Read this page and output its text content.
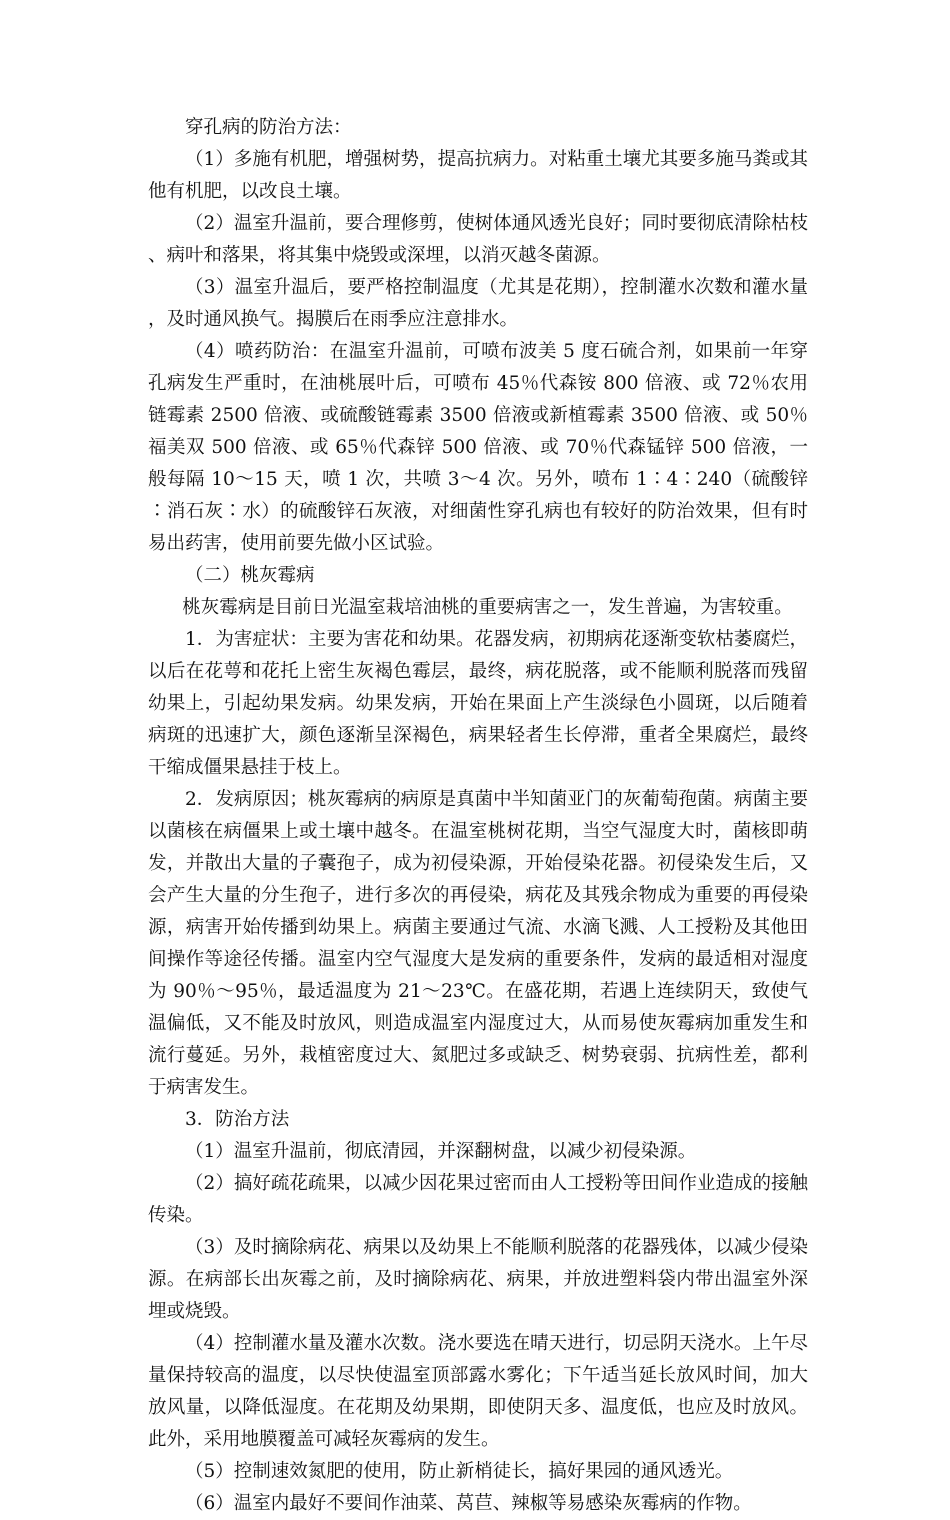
穿孔病的防治方法：

（1）多施有机肥，增强树势，提高抗病力。对粘重土壤尤其要多施马粪或其他有机肥，以改良土壤。

（2）温室升温前，要合理修剪，使树体通风透光良好；同时要彻底清除枯枝、病叶和落果，将其集中烧毁或深埋，以消灭越冬菌源。

（3）温室升温后，要严格控制温度（尤其是花期），控制灌水次数和灌水量，及时通风换气。揭膜后在雨季应注意排水。

（4）喷药防治：在温室升温前，可喷布波美 5 度石硫合剂，如果前一年穿孔病发生严重时，在油桃展叶后，可喷布 45％代森铵 800 倍液、或 72％农用链霉素 2500 倍液、或硫酸链霉素 3500 倍液或新植霉素 3500 倍液、或 50％福美双 500 倍液、或 65％代森锌 500 倍液、或 70％代森锰锌 500 倍液，一般每隔 10～15 天，喷 1 次，共喷 3～4 次。另外，喷布 1∶4∶240（硫酸锌∶消石灰∶水）的硫酸锌石灰液，对细菌性穿孔病也有较好的防治效果，但有时易出药害，使用前要先做小区试验。

（二）桃灰霉病

桃灰霉病是目前日光温室栽培油桃的重要病害之一，发生普遍，为害较重。

1．为害症状：主要为害花和幼果。花器发病，初期病花逐渐变软枯萎腐烂，以后在花萼和花托上密生灰褐色霉层，最终，病花脱落，或不能顺利脱落而残留幼果上，引起幼果发病。幼果发病，开始在果面上产生淡绿色小圆斑，以后随着病斑的迅速扩大，颜色逐渐呈深褐色，病果轻者生长停滞，重者全果腐烂，最终干缩成僵果悬挂于枝上。

2．发病原因；桃灰霉病的病原是真菌中半知菌亚门的灰葡萄孢菌。病菌主要以菌核在病僵果上或土壤中越冬。在温室桃树花期，当空气湿度大时，菌核即萌发，并散出大量的子囊孢子，成为初侵染源，开始侵染花器。初侵染发生后，又会产生大量的分生孢子，进行多次的再侵染，病花及其残余物成为重要的再侵染源，病害开始传播到幼果上。病菌主要通过气流、水滴飞溅、人工授粉及其他田间操作等途径传播。温室内空气湿度大是发病的重要条件，发病的最适相对湿度为 90％～95％，最适温度为 21～23℃。在盛花期，若遇上连续阴天，致使气温偏低，又不能及时放风，则造成温室内湿度过大，从而易使灰霉病加重发生和流行蔓延。另外，栽植密度过大、氮肥过多或缺乏、树势衰弱、抗病性差，都利于病害发生。

3．防治方法

（1）温室升温前，彻底清园，并深翻树盘，以减少初侵染源。

（2）搞好疏花疏果，以减少因花果过密而由人工授粉等田间作业造成的接触传染。

（3）及时摘除病花、病果以及幼果上不能顺利脱落的花器残体，以减少侵染源。在病部长出灰霉之前，及时摘除病花、病果，并放进塑料袋内带出温室外深埋或烧毁。

（4）控制灌水量及灌水次数。浇水要选在晴天进行，切忌阴天浇水。上午尽量保持较高的温度，以尽快使温室顶部露水雾化；下午适当延长放风时间，加大放风量，以降低湿度。在花期及幼果期，即使阴天多、温度低，也应及时放风。此外，采用地膜覆盖可减轻灰霉病的发生。

（5）控制速效氮肥的使用，防止新梢徒长，搞好果园的通风透光。

（6）温室内最好不要间作油菜、莴苣、辣椒等易感染灰霉病的作物。
